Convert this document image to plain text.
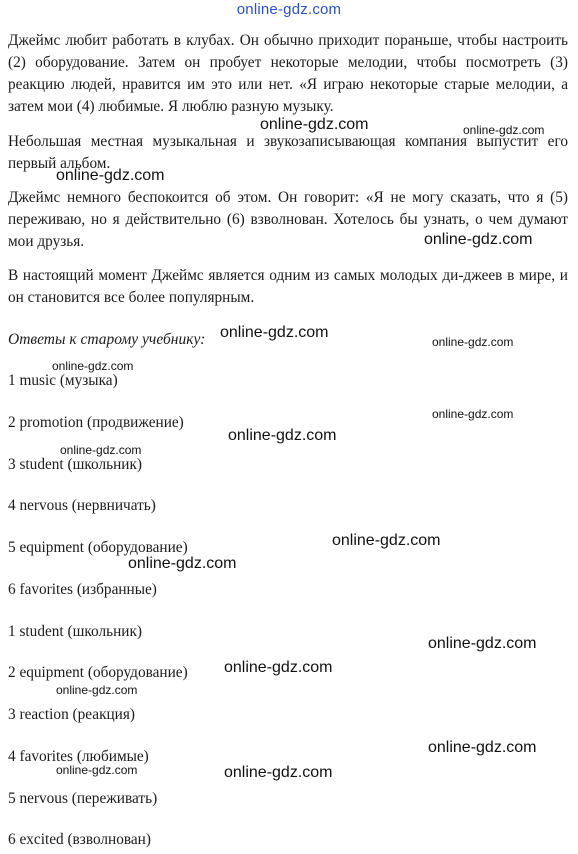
online-gdz.com

Джеймс любит работать в клубах. Он обычно приходит пораньше, чтобы настроить (2) оборудование. Затем он пробует некоторые мелодии, чтобы посмотреть (3) реакцию людей, нравится им это или нет. «Я играю некоторые старые мелодии, а затем мои (4) любимые. Я люблю разную музыку.

Небольшая местная музыкальная и звукозаписывающая компания выпустит его первый альбом.

Джеймс немного беспокоится об этом. Он говорит: «Я не могу сказать, что я (5) переживаю, но я действительно (6) взволнован. Хотелось бы узнать, о чем думают мои друзья.

В настоящий момент Джеймс является одним из самых молодых ди-джеев в мире, и он становится все более популярным.

Ответы к старому учебнику:
1 music (музыка)
2 promotion (продвижение)
3 student (школьник)
4 nervous (нервничать)
5 equipment (оборудование)
6 favorites (избранные)
1 student (школьник)
2 equipment (оборудование)
3 reaction (реакция)
4 favorites (любимые)
5 nervous (переживать)
6 excited (взволнован)
online-gdz.com	online-gdz.com
online-gdz.com
online-gdz.com
online-gdz.com
online-gdz.com
online-gdz.com
online-gdz.com
online-gdz.com
online-gdz.com
online-gdz.com
online-gdz.com
online-gdz.com
online-gdz.com
online-gdz.com
online-gdz.com
online-gdz.com	online-gdz.com
